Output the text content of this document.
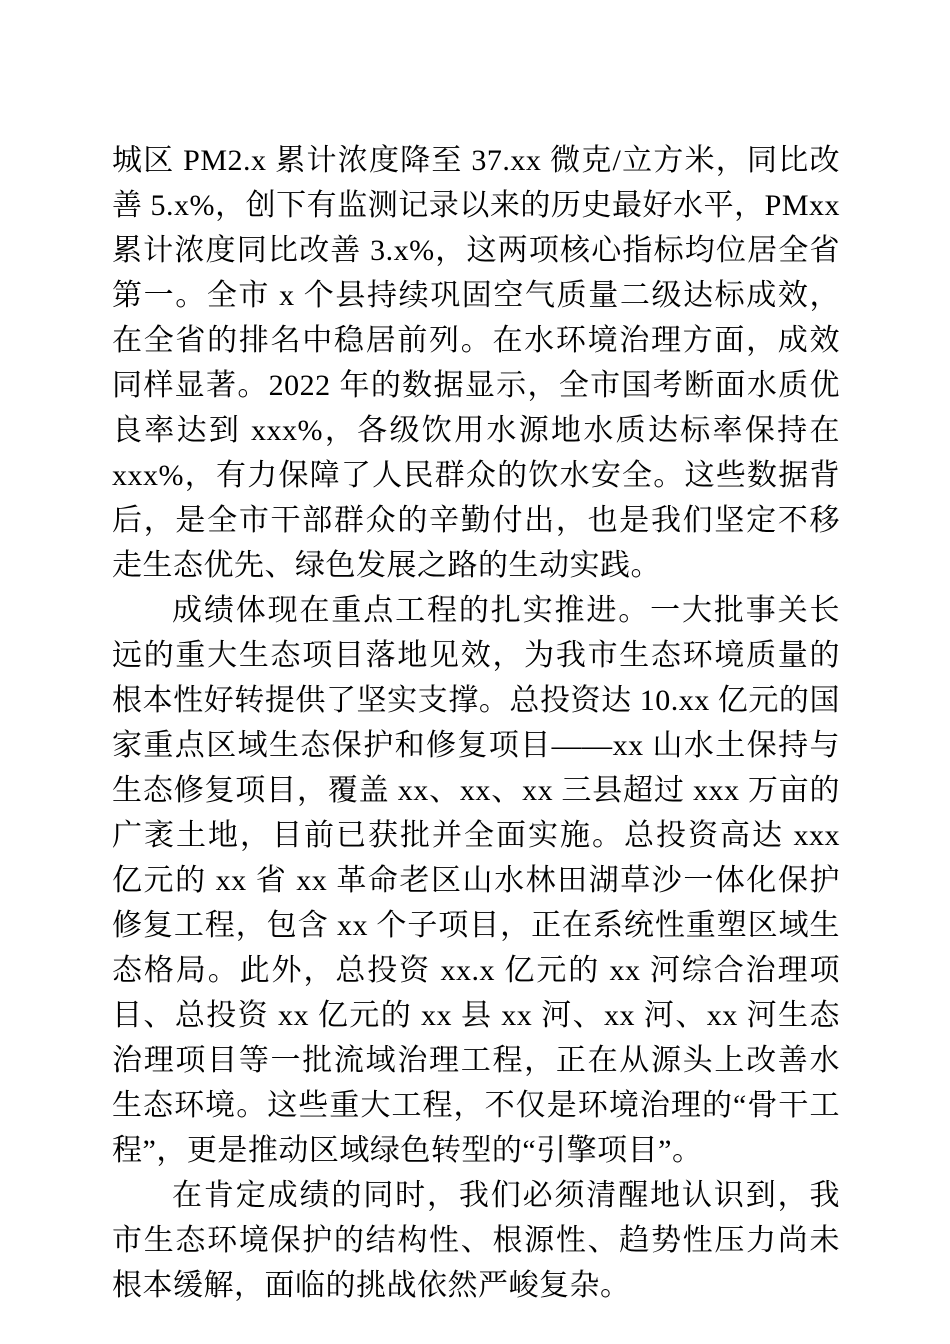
城区 PM2.x 累计浓度降至 37.xx 微克/立方米，同比改善 5.x%，创下有监测记录以来的历史最好水平，PMxx 累计浓度同比改善 3.x%，这两项核心指标均位居全省第一。全市 x 个县持续巩固空气质量二级达标成效，在全省的排名中稳居前列。在水环境治理方面，成效同样显著。2022 年的数据显示，全市国考断面水质优良率达到 xxx%，各级饮用水源地水质达标率保持在 xxx%，有力保障了人民群众的饮水安全。这些数据背后，是全市干部群众的辛勤付出，也是我们坚定不移走生态优先、绿色发展之路的生动实践。

成绩体现在重点工程的扎实推进。一大批事关长远的重大生态项目落地见效，为我市生态环境质量的根本性好转提供了坚实支撑。总投资达 10.xx 亿元的国家重点区域生态保护和修复项目——xx 山水土保持与生态修复项目，覆盖 xx、xx、xx 三县超过 xxx 万亩的广袤土地，目前已获批并全面实施。总投资高达 xxx 亿元的 xx 省 xx 革命老区山水林田湖草沙一体化保护修复工程，包含 xx 个子项目，正在系统性重塑区域生态格局。此外，总投资 xx.x 亿元的 xx 河综合治理项目、总投资 xx 亿元的 xx 县 xx 河、xx 河、xx 河生态治理项目等一批流域治理工程，正在从源头上改善水生态环境。这些重大工程，不仅是环境治理的“骨干工程”，更是推动区域绿色转型的“引擎项目”。

在肯定成绩的同时，我们必须清醒地认识到，我市生态环境保护的结构性、根源性、趋势性压力尚未根本缓解，面临的挑战依然严峻复杂。
